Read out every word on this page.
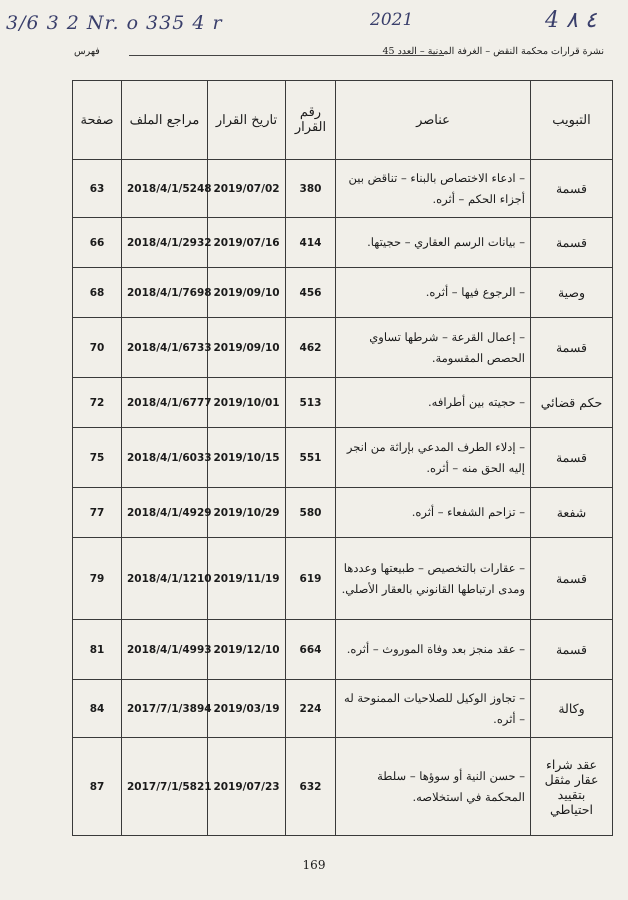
3/6 3 2 Nr. o 335 4 r	2021	4 ٤ ٨
نشرة قرارات محكمة النقض – الغرفة المدنية – العدد 45
فهرس
التبويب	عناصر	رقم القرار	تاريخ القرار	مراجع الملف	صفحة
قسمة	– ادعاء الاختصاص بالبناء – تناقض بين أجزاء الحكم – أثره.	380	2019/07/02	2018/4/1/5248	63
قسمة	– بيانات الرسم العقاري – حجيتها.	414	2019/07/16	2018/4/1/2932	66
وصية	– الرجوع فيها – أثره.	456	2019/09/10	2018/4/1/7698	68
قسمة	– إعمال القرعة – شرطها تساوي الحصص المقسومة.	462	2019/09/10	2018/4/1/6733	70
حكم قضائي	– حجيته بين أطرافه.	513	2019/10/01	2018/4/1/6777	72
قسمة	– إدلاء الطرف المدعي بإراثة من انجر إليه الحق منه – أثره.	551	2019/10/15	2018/4/1/6033	75
شفعة	– تزاحم الشفعاء – أثره.	580	2019/10/29	2018/4/1/4929	77
قسمة	– عقارات بالتخصيص – طبيعتها وعددها ومدى ارتباطها القانوني بالعقار الأصلي.	619	2019/11/19	2018/4/1/1210	79
قسمة	– عقد منجز بعد وفاة الموروث – أثره.	664	2019/12/10	2018/4/1/4993	81
وكالة	– تجاوز الوكيل للصلاحيات الممنوحة له – أثره.	224	2019/03/19	2017/7/1/3894	84
عقد شراء عقار مثقل بتقييد احتياطي	– حسن النية أو سوؤها – سلطة المحكمة في استخلاصه.	632	2019/07/23	2017/7/1/5821	87
169
